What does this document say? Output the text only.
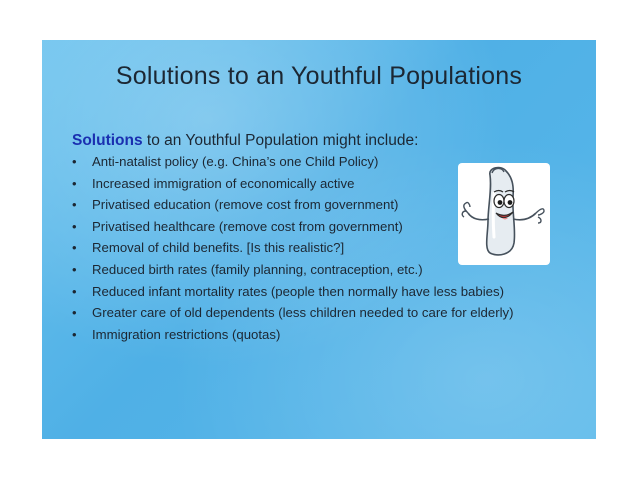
Solutions to an Youthful Populations
Solutions to an Youthful Population might include:
• Anti-natalist policy (e.g. China’s one Child Policy)
• Increased immigration of economically active
• Privatised education (remove cost from government)
• Privatised healthcare (remove cost from government)
• Removal of child benefits. [Is this realistic?]
• Reduced birth rates (family planning, contraception, etc.)
• Reduced infant mortality rates (people then normally have less babies)
• Greater care of old dependents (less children needed to care for elderly)
• Immigration restrictions (quotas)
